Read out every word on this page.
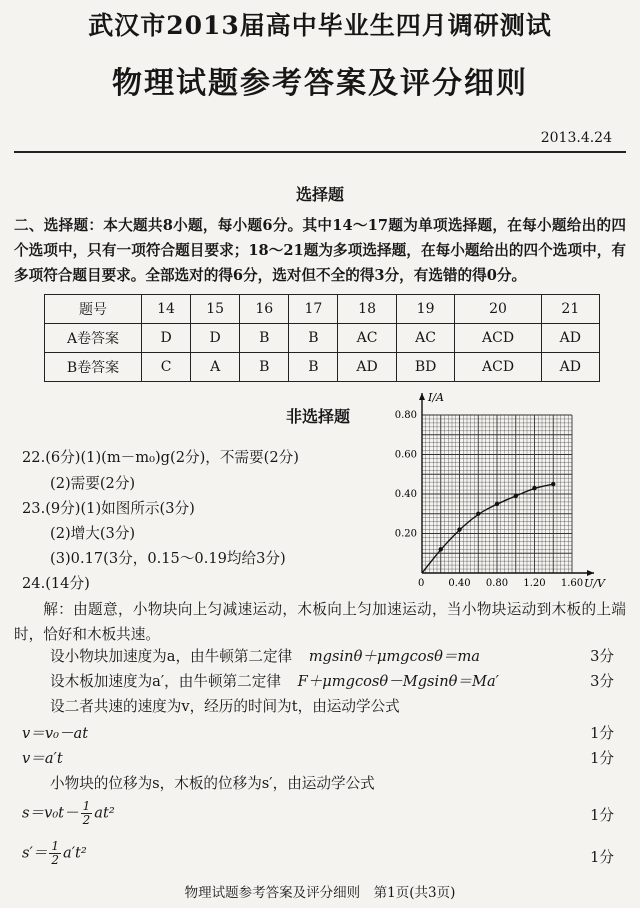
武汉市2013届高中毕业生四月调研测试
物理试题参考答案及评分细则
2013.4.24
选择题
二、选择题：本大题共8小题，每小题6分。其中14～17题为单项选择题，在每小题给出的四个选项中，只有一项符合题目要求；18～21题为多项选择题，在每小题给出的四个选项中，有多项符合题目要求。全部选对的得6分，选对但不全的得3分，有选错的得0分。
题号	14	15	16	17	18	19	20	21
A卷答案	D	D	B	B	AC	AC	ACD	AD
B卷答案	C	A	B	B	AD	BD	ACD	AD
非选择题
22.(6分)(1)(m－m₀)g(2分)，不需要(2分)
(2)需要(2分)
23.(9分)(1)如图所示(3分)
(2)增大(3分)
(3)0.17(3分，0.15～0.19均给3分)
24.(14分)
解：由题意，小物块向上匀减速运动，木板向上匀加速运动，当小物块运动到木板的上端时，恰好和木板共速。
设小物块加速度为a，由牛顿第二定律 mgsinθ＋μmgcosθ＝ma	3分
设木板加速度为a′，由牛顿第二定律 F＋μmgcosθ－Mgsinθ＝Ma′	3分
设二者共速的速度为v，经历的时间为t，由运动学公式
v＝v₀－at	1分
v＝a′t	1分
小物块的位移为s，木板的位移为s′，由运动学公式
$s=v_0t- \frac{1}{2} at^2$	1分
$s'= \frac{1}{2} a't^2$	1分
I/A
U/V
0 0.40 0.80 1.20 1.60
0.20
0.40
0.60
0.80
物理试题参考答案及评分细则　第1页(共3页)
